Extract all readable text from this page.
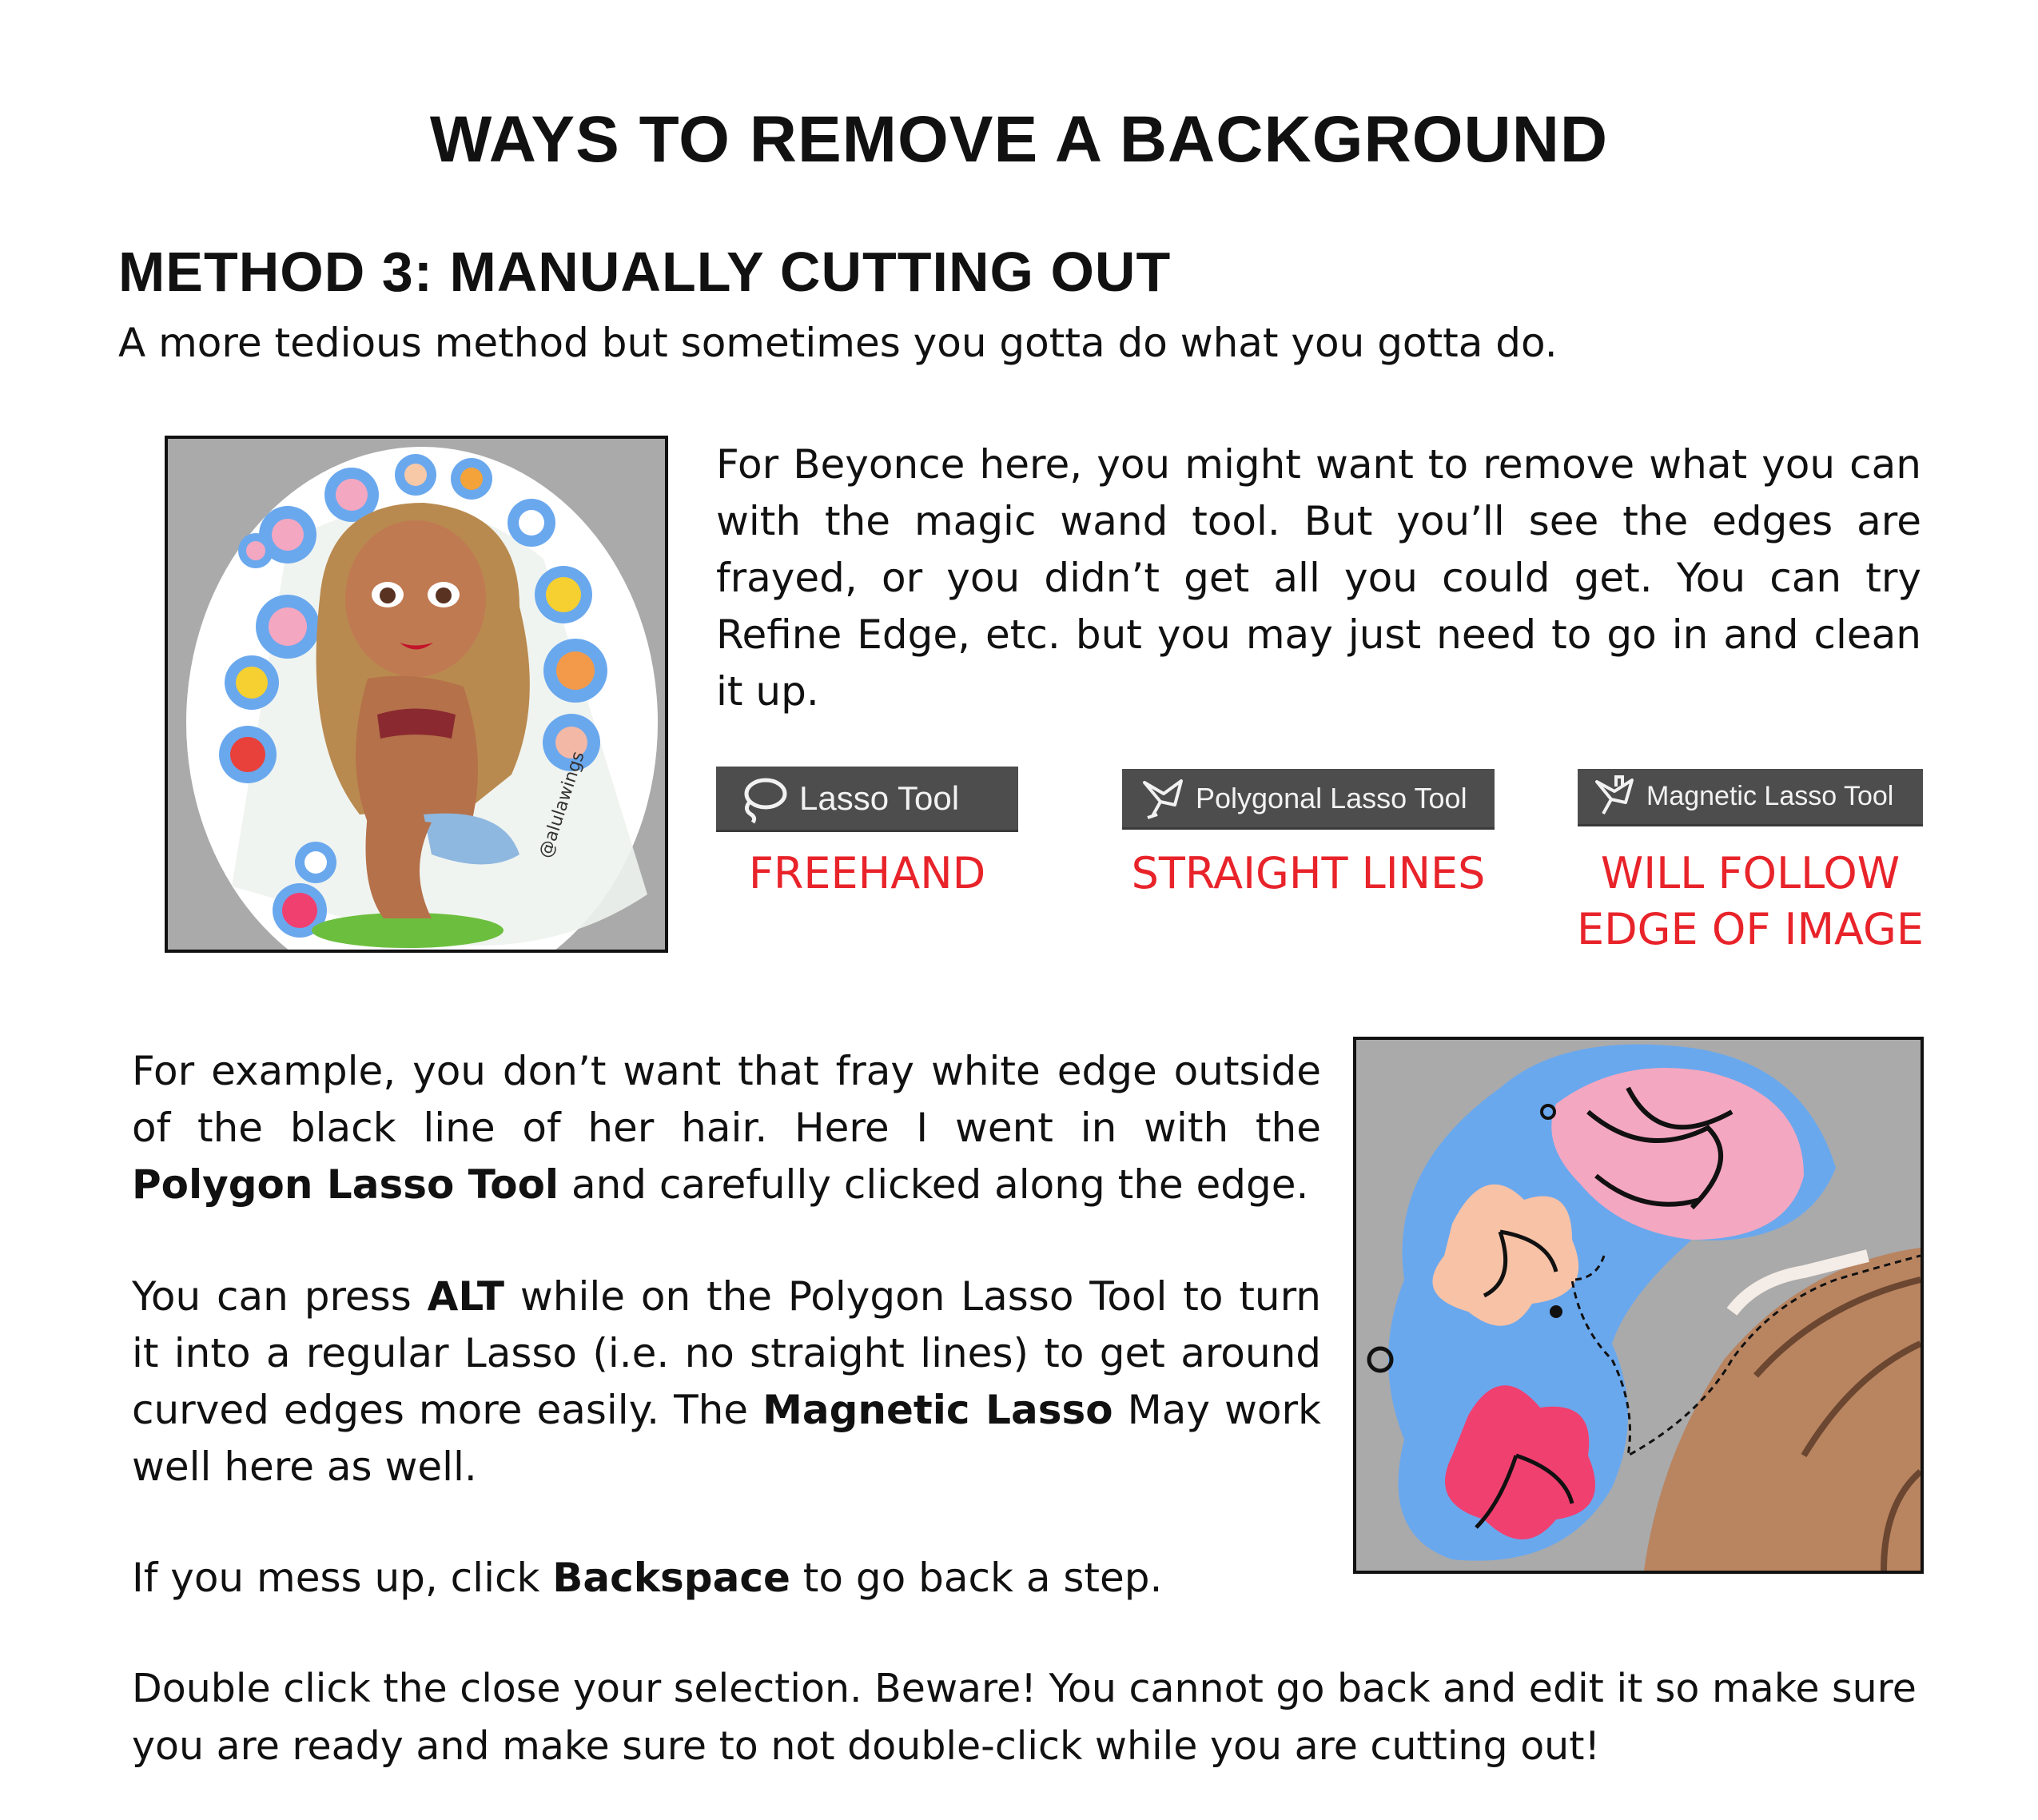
WAYS TO REMOVE A BACKGROUND
METHOD 3: MANUALLY CUTTING OUT
A more tedious method but sometimes you gotta do what you gotta do.
@alulawings
For Beyonce here, you might want to remove what you can with the magic wand tool. But you’ll see the edges are frayed, or you didn’t get all you could get. You can try Refine Edge, etc. but you may just need to go in and clean it up.
Lasso Tool	Polygonal Lasso Tool	Magnetic Lasso Tool
FREEHAND	STRAIGHT LINES	WILL FOLLOW
EDGE OF IMAGE
For example, you don’t want that fray white edge outside of the black line of her hair. Here I went in with the Polygon Lasso Tool and carefully clicked along the edge.
You can press ALT while on the Polygon Lasso Tool to turn it into a regular Lasso (i.e. no straight lines) to get around curved edges more easily. The Magnetic Lasso May work well here as well.
If you mess up, click Backspace to go back a step.
Double click the close your selection. Beware! You cannot go back and edit it so make sure you are ready and make sure to not double-click while you are cutting out!
